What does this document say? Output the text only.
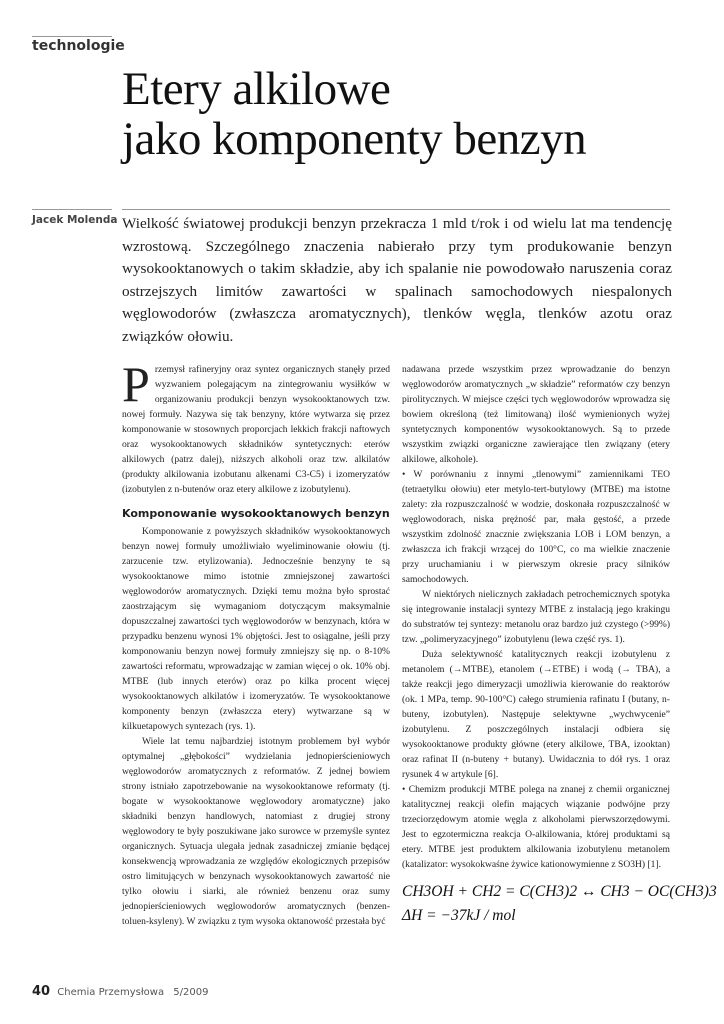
technologie
Etery alkilowe
jako komponenty benzyn
Jacek Molenda Wielkość światowej produkcji benzyn przekracza 1 mld t/rok i od wielu lat ma tendencję wzrostową. Szczególnego znaczenia nabierało przy tym produkowanie benzyn wysokooktanowych o takim składzie, aby ich spalanie nie powodowało naruszenia coraz ostrzejszych limitów zawartości w spalinach samochodowych niespalonych węglowodorów (zwłaszcza aromatycznych), tlenków węgla, tlenków azotu oraz związków ołowiu.

Przemysł rafineryjny oraz syntez organicznych stanęły przed wyzwaniem polegającym na zintegrowaniu wysiłków w organizowaniu produkcji benzyn wysokooktanowych tzw. nowej formuły. Nazywa się tak benzyny, które wytwarza się przez komponowanie w stosownych proporcjach lekkich frakcji naftowych oraz wysokooktanowych składników syntetycznych: eterów alkilowych (patrz dalej), niższych alkoholi oraz tzw. alkilatów (produkty alkilowania izobutanu alkenami C3-C5) i izomeryzatów (izobutylen z n-butenów oraz etery alkilowe z izobutylenu).

Komponowanie wysokooktanowych benzyn

Komponowanie z powyższych składników wysokooktanowych benzyn nowej formuły umożliwiało wyeliminowanie ołowiu (tj. zarzucenie tzw. etylizowania). Jednocześnie benzyny te są wysokooktanowe mimo istotnie zmniejszonej zawartości węglowodorów aromatycznych. Dzięki temu można było sprostać zaostrzającym się wymaganiom dotyczącym maksymalnie dopuszczalnej zawartości tych węglowodorów w benzynach, która w przypadku benzenu wynosi 1% objętości. Jest to osiągalne, jeśli przy komponowaniu benzyn nowej formuły zmniejszy się np. o 8-10% zawartości reformatu, wprowadzając w zamian więcej o ok. 10% obj. MTBE (lub innych eterów) oraz po kilka procent więcej wysokooktanowych alkilatów i izomeryzatów. Te wysokooktanowe komponenty benzyn (zwłaszcza etery) wytwarzane są w kilkuetapowych syntezach (rys. 1).

Wiele lat temu najbardziej istotnym problemem był wybór optymalnej „głębokości” wydzielania jednopierścieniowych węglowodorów aromatycznych z reformatów. Z jednej bowiem strony istniało zapotrzebowanie na wysokooktanowe reformaty (tj. bogate w wysokooktanowe węglowodory aromatyczne) jako składniki benzyn handlowych, natomiast z drugiej strony węglowodory te były poszukiwane jako surowce w przemyśle syntez organicznych. Sytuacja ulegała jednak zasadniczej zmianie będącej konsekwencją wprowadzania ze względów ekologicznych przepisów ostro limitujących w benzynach wysokooktanowych zawartość nie tylko ołowiu i siarki, ale również benzenu oraz sumy jednopierścieniowych węglowodorów aromatycznych (benzen-toluen-ksyleny). W związku z tym wysoka oktanowość przestała być

nadawana przede wszystkim przez wprowadzanie do benzyn węglowodorów aromatycznych „w składzie” reformatów czy benzyn pirolitycznych. W miejsce części tych węglowodorów wprowadza się bowiem określoną (też limitowaną) ilość wymienionych wyżej syntetycznych komponentów wysokooktanowych. Są to przede wszystkim związki organiczne zawierające tlen związany (etery alkilowe, alkohole).

• W porównaniu z innymi „tlenowymi” zamiennikami TEO (tetraetylku ołowiu) eter metylo-tert-butylowy (MTBE) ma istotne zalety: zła rozpuszczalność w wodzie, doskonała rozpuszczalność w węglowodorach, niska prężność par, mała gęstość, a przede wszystkim zdolność znacznie zwiększania LOB i LOM benzyn, a zwłaszcza ich frakcji wrzącej do 100°C, co ma wielkie znaczenie przy uruchamianiu i w pierwszym okresie pracy silników samochodowych.

W niektórych nielicznych zakładach petrochemicznych spotyka się integrowanie instalacji syntezy MTBE z instalacją jego krakingu do substratów tej syntezy: metanolu oraz bardzo już czystego (>99%) tzw. „polimeryzacyjnego” izobutylenu (lewa część rys. 1).

Duża selektywność katalitycznych reakcji izobutylenu z metanolem (→MTBE), etanolem (→ETBE) i wodą (→ TBA), a także reakcji jego dimeryzacji umożliwia kierowanie do reaktorów (ok. 1 MPa, temp. 90-100°C) całego strumienia rafinatu I (butany, n-buteny, izobutylen). Następuje selektywne „wychwycenie” izobutylenu. Z poszczególnych instalacji odbiera się wysokooktanowe produkty główne (etery alkilowe, TBA, izooktan) oraz rafinat II (n-buteny + butany). Uwidacznia to dół rys. 1 oraz rysunek 4 w artykule [6].

• Chemizm produkcji MTBE polega na znanej z chemii organicznej katalitycznej reakcji olefin mających wiązanie podwójne przy trzeciorzędowym atomie węgla z alkoholami pierwszorzędowymi. Jest to egzotermiczna reakcja O-alkilowania, której produktami są etery. MTBE jest produktem alkilowania izobutylenu metanolem (katalizator: wysokokwaśne żywice kationowymienne z SO3H) [1].

CH3OH + CH2 = C(CH3)2 ↔ CH3 − OC(CH3)3
ΔH = −37kJ / mol
40 Chemia Przemysłowa 5/2009
